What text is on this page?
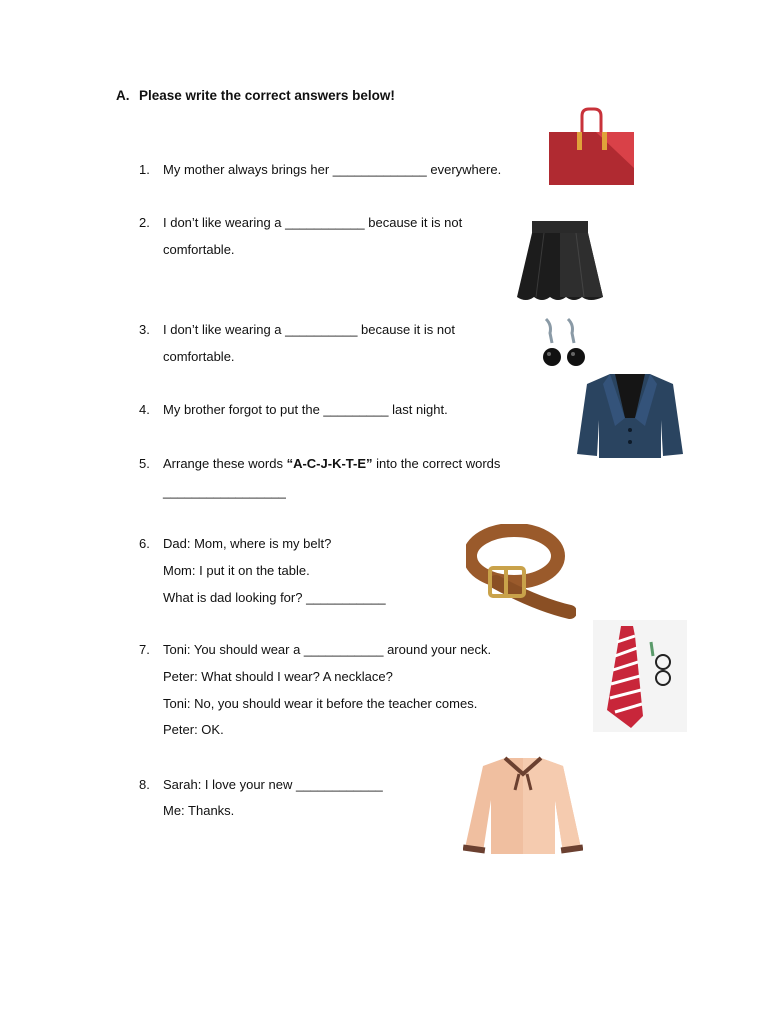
A. Please write the correct answers below!
1. My mother always brings her _____________ everywhere.
2. I don’t like wearing a ___________ because it is not
comfortable.
3. I don’t like wearing a __________ because it is not
comfortable.
4. My brother forgot to put the _________ last night.
5. Arrange these words “A-C-J-K-T-E” into the correct words
_________________
6. Dad: Mom, where is my belt?
Mom: I put it on the table.
What is dad looking for? ___________
7. Toni: You should wear a ___________ around your neck.
Peter: What should I wear? A necklace?
Toni: No, you should wear it before the teacher comes.
Peter: OK.
8. Sarah: I love your new ____________
Me: Thanks.
